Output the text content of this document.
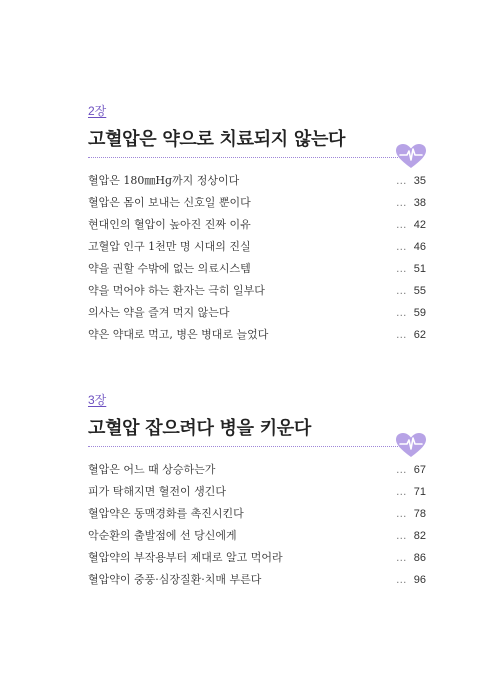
2장
고혈압은 약으로 치료되지 않는다
혈압은 180㎜Hg까지 정상이다	… 35
혈압은 몸이 보내는 신호일 뿐이다	… 38
현대인의 혈압이 높아진 진짜 이유	… 42
고혈압 인구 1천만 명 시대의 진실	… 46
약을 권할 수밖에 없는 의료시스템	… 51
약을 먹어야 하는 환자는 극히 일부다	… 55
의사는 약을 즐겨 먹지 않는다	… 59
약은 약대로 먹고, 병은 병대로 늘었다	… 62
3장
고혈압 잡으려다 병을 키운다
혈압은 어느 때 상승하는가	… 67
피가 탁해지면 혈전이 생긴다	… 71
혈압약은 동맥경화를 촉진시킨다	… 78
악순환의 출발점에 선 당신에게	… 82
혈압약의 부작용부터 제대로 알고 먹어라	… 86
혈압약이 중풍·심장질환·치매 부른다	… 96
